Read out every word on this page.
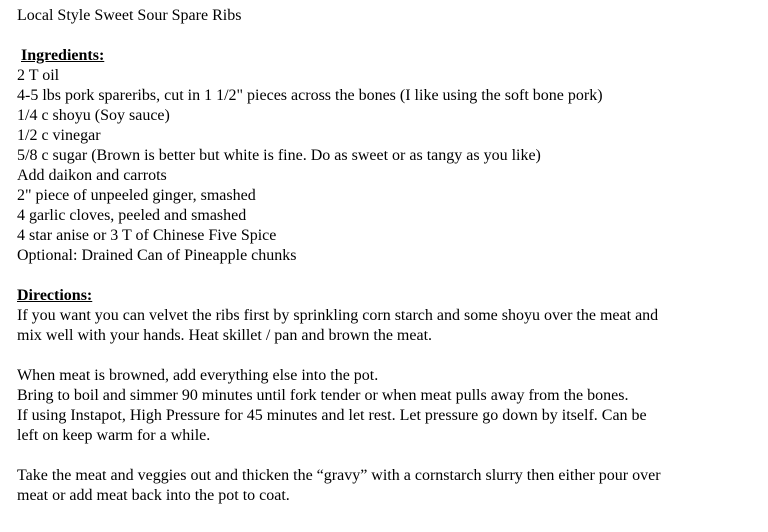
Local Style Sweet Sour Spare Ribs
Ingredients:
2 T oil
4-5 lbs pork spareribs, cut in 1 1/2" pieces across the bones (I like using the soft bone pork)
1/4 c shoyu (Soy sauce)
1/2 c vinegar
5/8 c sugar (Brown is better but white is fine. Do as sweet or as tangy as you like)
Add daikon and carrots
2" piece of unpeeled ginger, smashed
4 garlic cloves, peeled and smashed
4 star anise or 3 T of Chinese Five Spice
Optional: Drained Can of Pineapple chunks
Directions:
If you want you can velvet the ribs first by sprinkling corn starch and some shoyu over the meat and
mix well with your hands. Heat skillet / pan and brown the meat.
When meat is browned, add everything else into the pot.
Bring to boil and simmer 90 minutes until fork tender or when meat pulls away from the bones.
If using Instapot, High Pressure for 45 minutes and let rest. Let pressure go down by itself. Can be
left on keep warm for a while.
Take the meat and veggies out and thicken the “gravy” with a cornstarch slurry then either pour over
meat or add meat back into the pot to coat.
